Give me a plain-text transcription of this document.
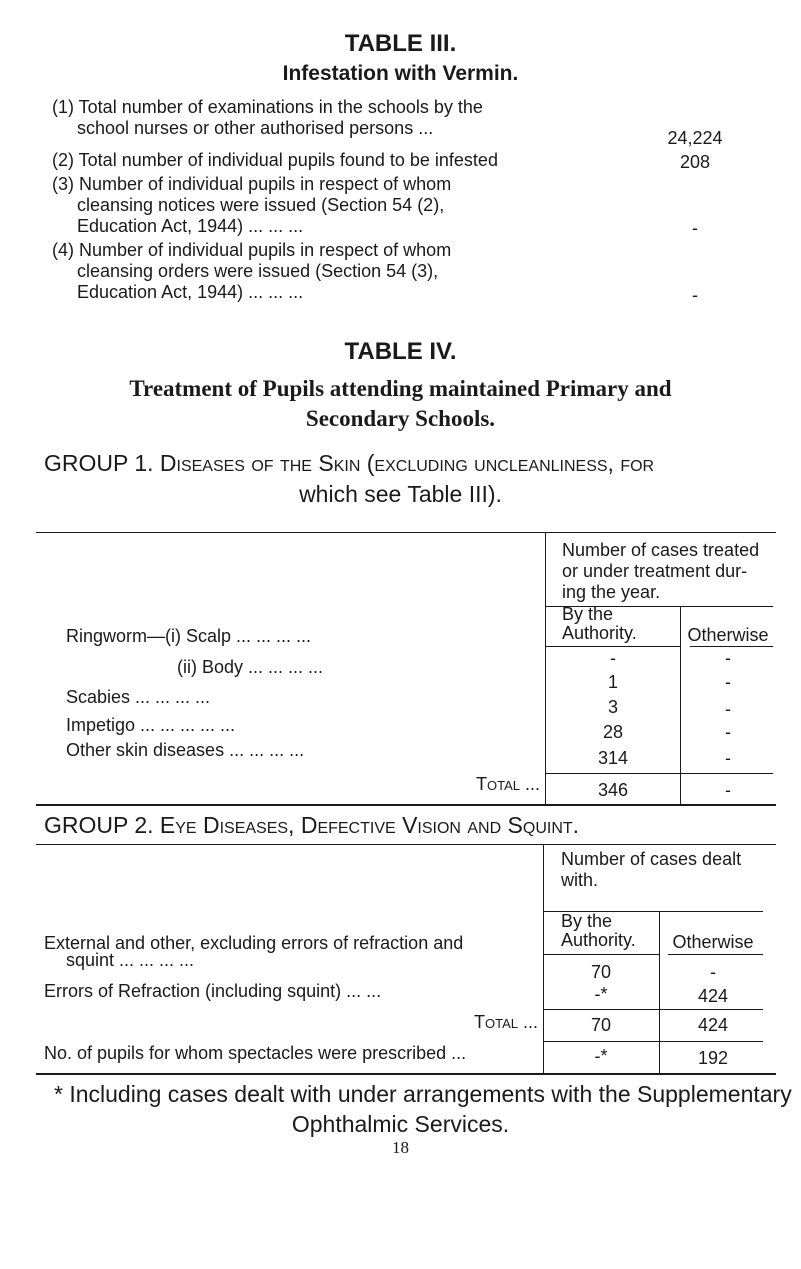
TABLE III.
Infestation with Vermin.
(1) Total number of examinations in the schools by the
school nurses or other authorised persons ...	24,224
(2) Total number of individual pupils found to be infested	208
(3) Number of individual pupils in respect of whom
cleansing notices were issued (Section 54 (2),
Education Act, 1944) ... ... ...	-
(4) Number of individual pupils in respect of whom
cleansing orders were issued (Section 54 (3),
Education Act, 1944) ... ... ...	-
TABLE IV.
Treatment of Pupils attending maintained Primary and
Secondary Schools.
GROUP 1. Diseases of the Skin (excluding uncleanliness, for
which see Table III).
Number of cases treated
or under treatment dur-
ing the year.
By the
Authority.	Otherwise
Ringworm—(i) Scalp ... ... ... ...
-	-
(ii) Body ... ... ... ...
1	-
Scabies ... ... ... ...	3	-
Impetigo ... ... ... ... ...	28	-
Other skin diseases ... ... ... ...	314	-
Total ...	346	-
GROUP 2. Eye Diseases, Defective Vision and Squint.
Number of cases dealt
with.
By the
Authority.	Otherwise
External and other, excluding errors of refraction and
squint ... ... ... ...
70	-
Errors of Refraction (including squint) ... ...	-*	424
Total ...	70	424
No. of pupils for whom spectacles were prescribed ...	-*	192
* Including cases dealt with under arrangements with the Supplementary
Ophthalmic Services.
18
